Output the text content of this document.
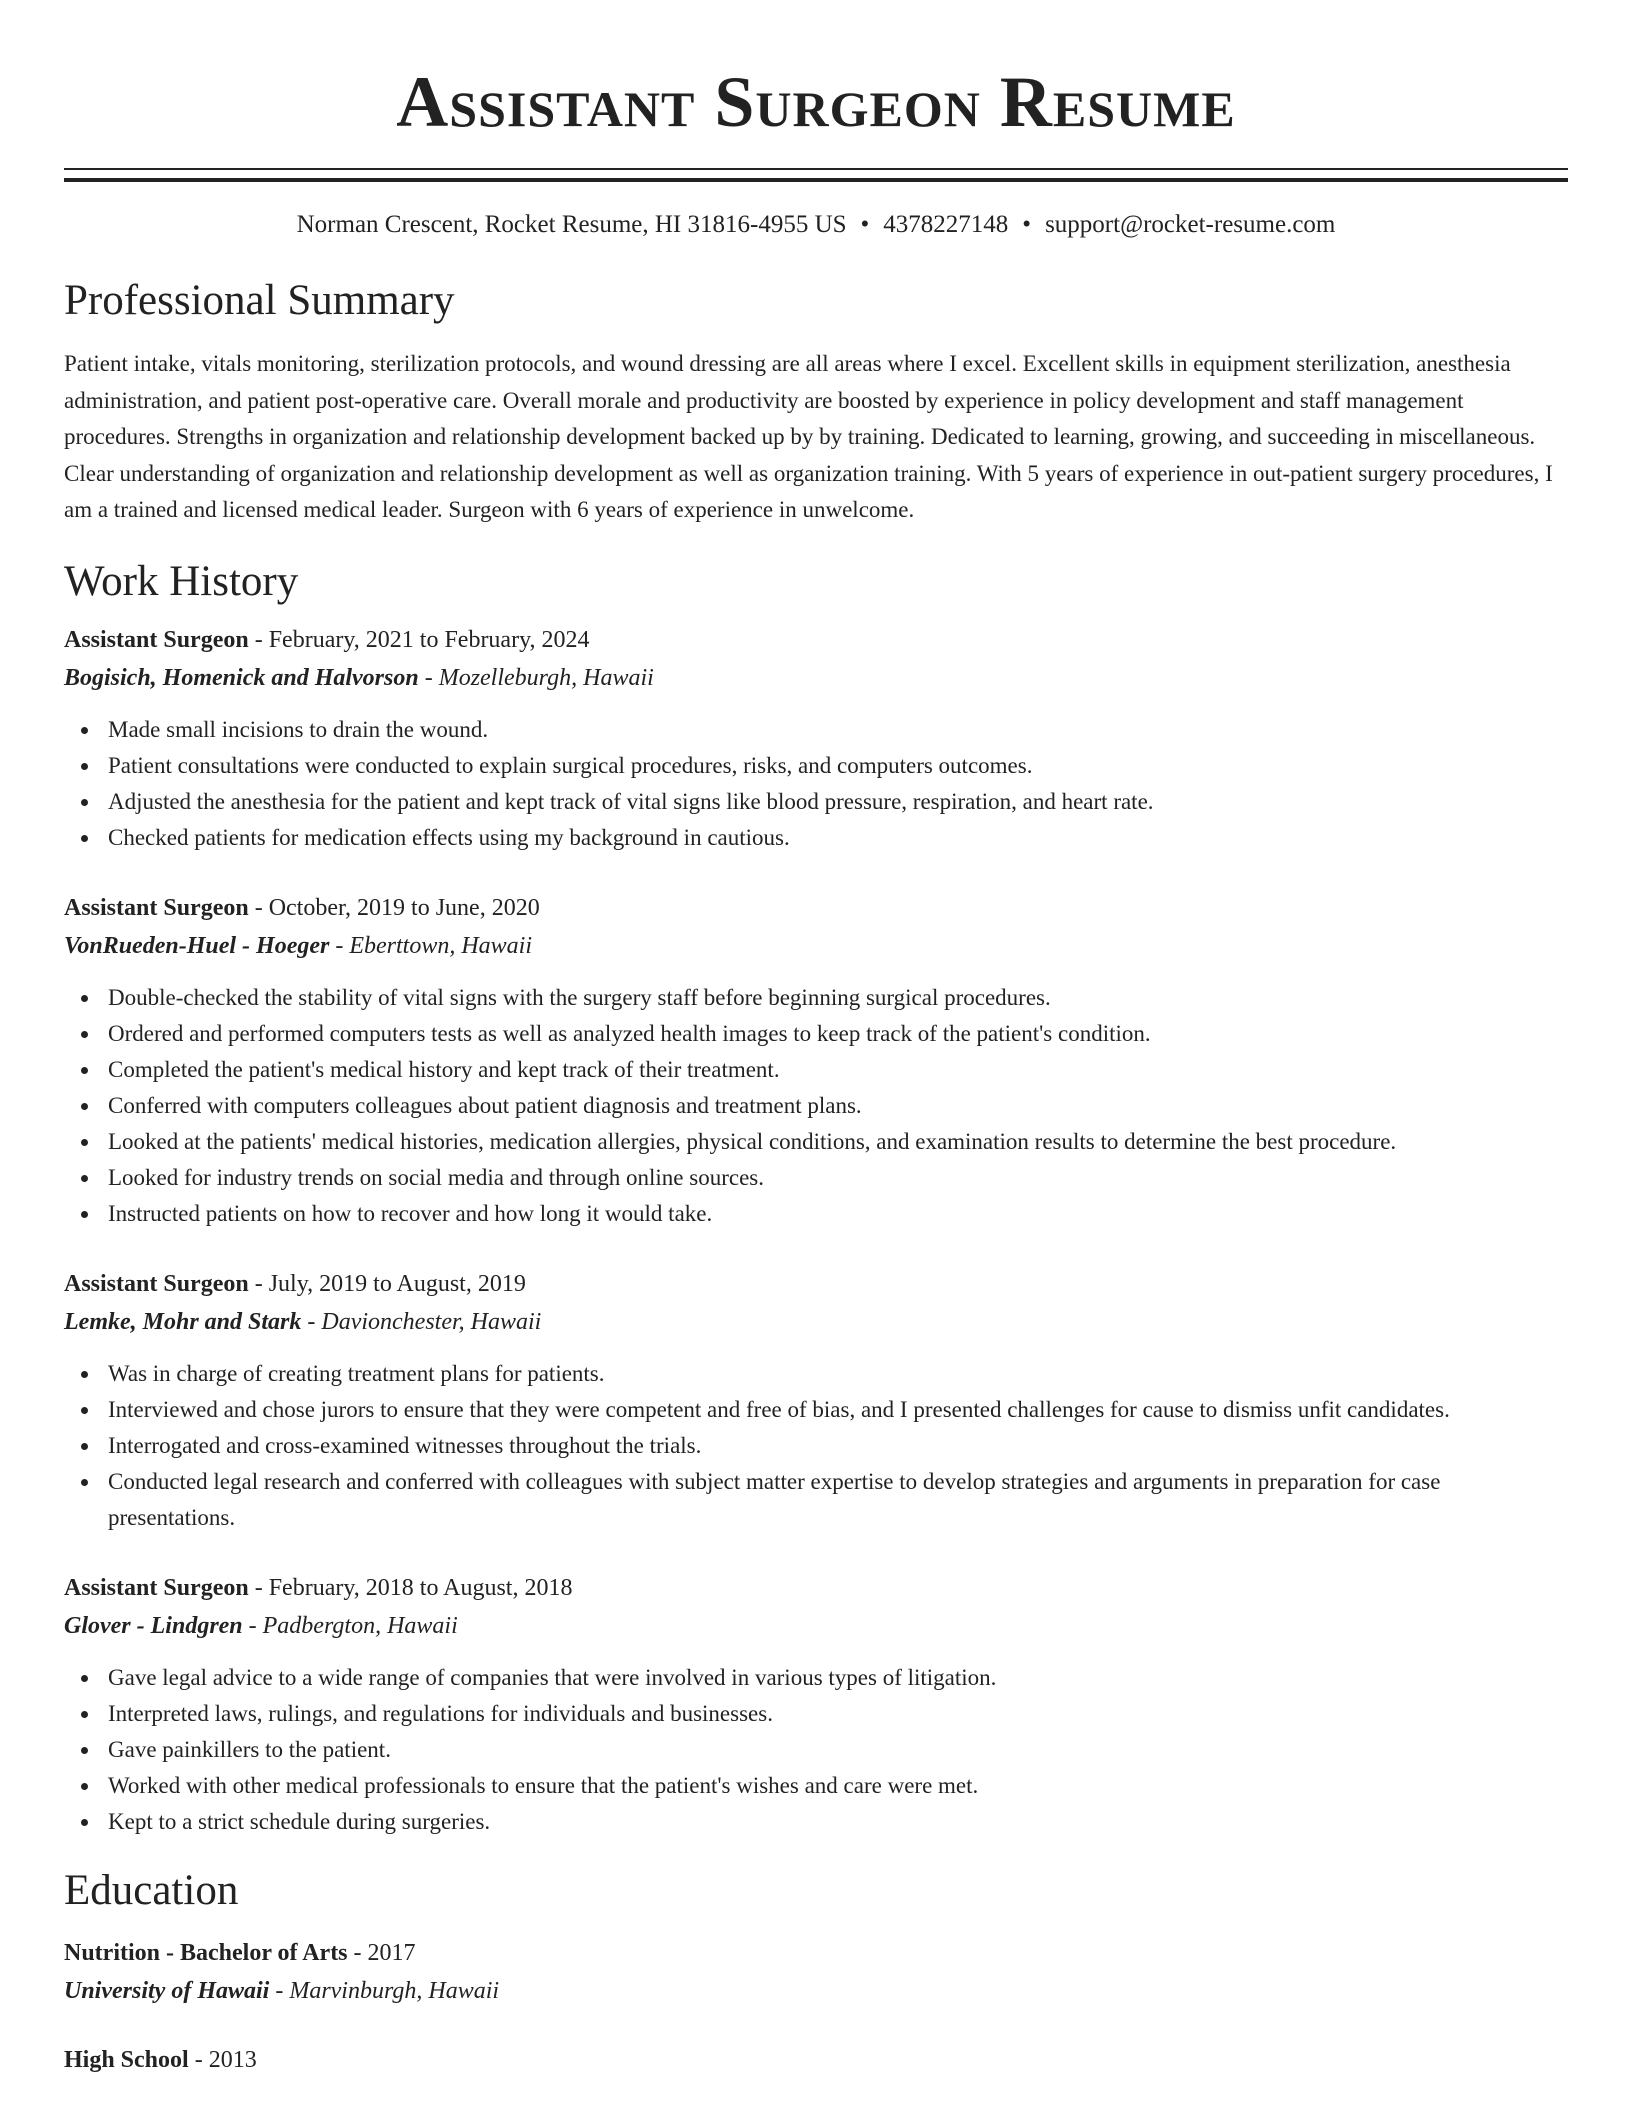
Assistant Surgeon Resume
Norman Crescent, Rocket Resume, HI 31816-4955 US • 4378227148 • support@rocket-resume.com
Professional Summary

Patient intake, vitals monitoring, sterilization protocols, and wound dressing are all areas where I excel. Excellent skills in equipment sterilization, anesthesia administration, and patient post-operative care. Overall morale and productivity are boosted by experience in policy development and staff management procedures. Strengths in organization and relationship development backed up by by training. Dedicated to learning, growing, and succeeding in miscellaneous. Clear understanding of organization and relationship development as well as organization training. With 5 years of experience in out-patient surgery procedures, I am a trained and licensed medical leader. Surgeon with 6 years of experience in unwelcome.

Work History
Assistant Surgeon - February, 2021 to February, 2024
Bogisich, Homenick and Halvorson - Mozelleburgh, Hawaii
Made small incisions to drain the wound.
Patient consultations were conducted to explain surgical procedures, risks, and computers outcomes.
Adjusted the anesthesia for the patient and kept track of vital signs like blood pressure, respiration, and heart rate.
Checked patients for medication effects using my background in cautious.
Assistant Surgeon - October, 2019 to June, 2020
VonRueden-Huel - Hoeger - Eberttown, Hawaii
Double-checked the stability of vital signs with the surgery staff before beginning surgical procedures.
Ordered and performed computers tests as well as analyzed health images to keep track of the patient's condition.
Completed the patient's medical history and kept track of their treatment.
Conferred with computers colleagues about patient diagnosis and treatment plans.
Looked at the patients' medical histories, medication allergies, physical conditions, and examination results to determine the best procedure.
Looked for industry trends on social media and through online sources.
Instructed patients on how to recover and how long it would take.
Assistant Surgeon - July, 2019 to August, 2019
Lemke, Mohr and Stark - Davionchester, Hawaii
Was in charge of creating treatment plans for patients.
Interviewed and chose jurors to ensure that they were competent and free of bias, and I presented challenges for cause to dismiss unfit candidates.
Interrogated and cross-examined witnesses throughout the trials.
Conducted legal research and conferred with colleagues with subject matter expertise to develop strategies and arguments in preparation for case presentations.
Assistant Surgeon - February, 2018 to August, 2018
Glover - Lindgren - Padbergton, Hawaii
Gave legal advice to a wide range of companies that were involved in various types of litigation.
Interpreted laws, rulings, and regulations for individuals and businesses.
Gave painkillers to the patient.
Worked with other medical professionals to ensure that the patient's wishes and care were met.
Kept to a strict schedule during surgeries.
Education
Nutrition - Bachelor of Arts - 2017
University of Hawaii - Marvinburgh, Hawaii
High School - 2013
